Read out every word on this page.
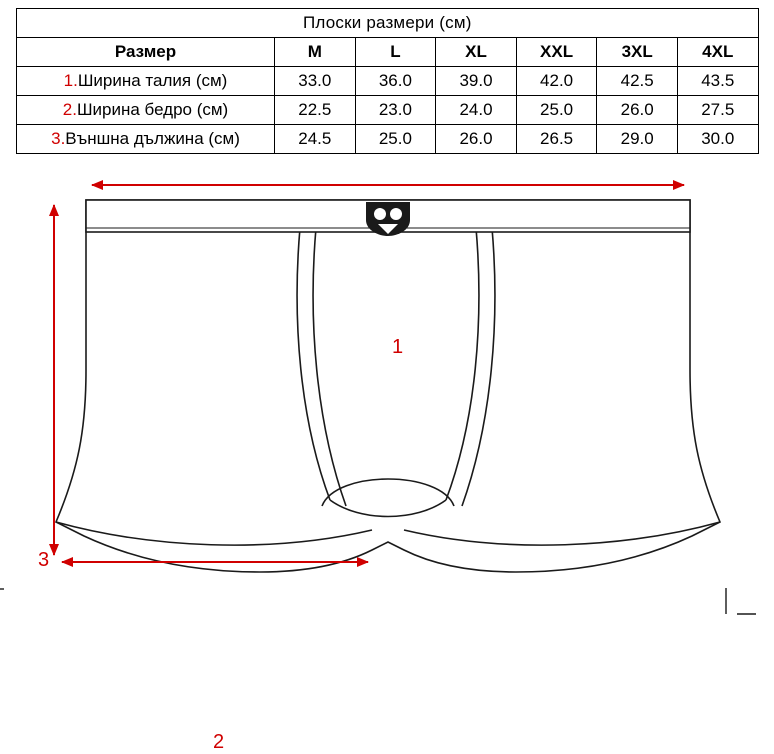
Плоски размери (см)						
Размер	M	L	XL	XXL	3XL	4XL
1.Ширина талия (см)	33.0	36.0	39.0	42.0	42.5	43.5
2.Ширина бедро (см)	22.5	23.0	24.0	25.0	26.0	27.5
3.Външна дължина (см)	24.5	25.0	26.0	26.5	29.0	30.0
1
2
3
